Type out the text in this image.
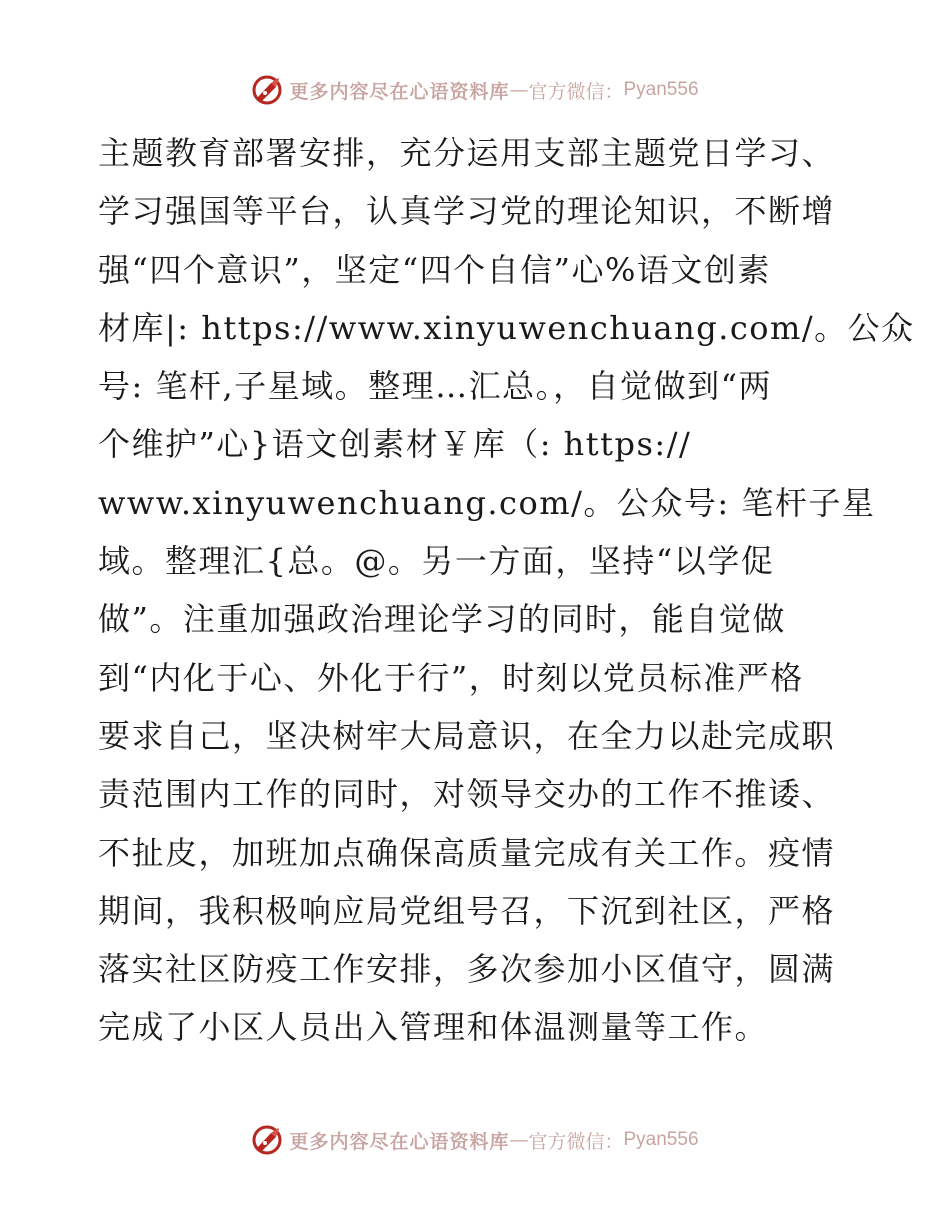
更多内容尽在心语资料库 — 官方微信： Pyan556
主题教育部署安排，充分运用支部主题党日学习、
学习强国等平台，认真学习党的理论知识，不断增
强“四个意识”，坚定“四个自信”心%语文创素
材库|: https://www.xinyuwenchuang.com/。公众
号: 笔杆,子星域。整理…汇总。，自觉做到“两
个维护”心}语文创素材￥库（: https://
www.xinyuwenchuang.com/。公众号: 笔杆子星
域。整理汇{总。@。另一方面，坚持“以学促
做”。注重加强政治理论学习的同时，能自觉做
到“内化于心、外化于行”，时刻以党员标准严格
要求自己，坚决树牢大局意识，在全力以赴完成职
责范围内工作的同时，对领导交办的工作不推诿、
不扯皮，加班加点确保高质量完成有关工作。疫情
期间，我积极响应局党组号召，下沉到社区，严格
落实社区防疫工作安排，多次参加小区值守，圆满
完成了小区人员出入管理和体温测量等工作。
更多内容尽在心语资料库 — 官方微信： Pyan556
